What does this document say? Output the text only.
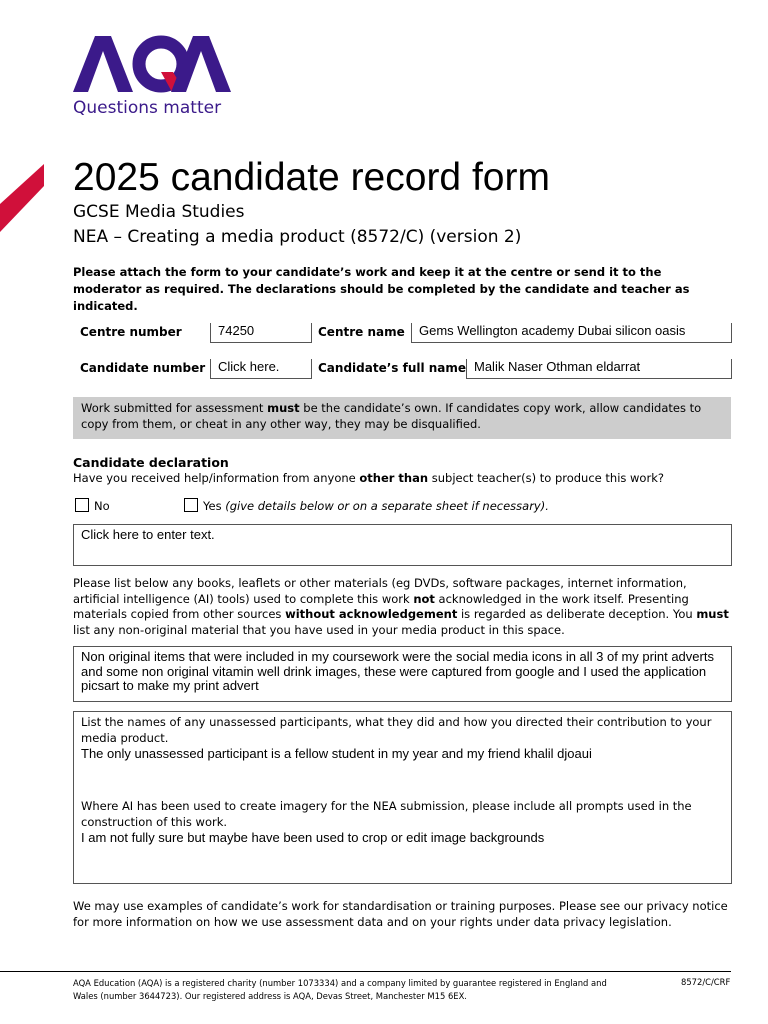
Questions matter
2025 candidate record form
GCSE Media Studies
NEA – Creating a media product (8572/C) (version 2)
Please attach the form to your candidate’s work and keep it at the centre or send it to the moderator as required. The declarations should be completed by the candidate and teacher as indicated.
Centre number	74250	Centre name	Gems Wellington academy Dubai silicon oasis
Candidate number Click here.	Candidate’s full name Malik Naser Othman eldarrat
Work submitted for assessment must be the candidate’s own. If candidates copy work, allow candidates to copy from them, or cheat in any other way, they may be disqualified.
Candidate declaration
Have you received help/information from anyone other than subject teacher(s) to produce this work?
No	Yes (give details below or on a separate sheet if necessary).
Click here to enter text.
Please list below any books, leaflets or other materials (eg DVDs, software packages, internet information, artificial intelligence (AI) tools) used to complete this work not acknowledged in the work itself. Presenting materials copied from other sources without acknowledgement is regarded as deliberate deception. You must list any non-original material that you have used in your media product in this space.
Non original items that were included in my coursework were the social media icons in all 3 of my print adverts and some non original vitamin well drink images, these were captured from google and I used the application picsart to make my print advert
List the names of any unassessed participants, what they did and how you directed their contribution to your media product.
The only unassessed participant is a fellow student in my year and my friend khalil djoaui
Where AI has been used to create imagery for the NEA submission, please include all prompts used in the construction of this work.
I am not fully sure but maybe have been used to crop or edit image backgrounds
We may use examples of candidate’s work for standardisation or training purposes. Please see our privacy notice for more information on how we use assessment data and on your rights under data privacy legislation.
AQA Education (AQA) is a registered charity (number 1073334) and a company limited by guarantee registered in England and Wales (number 3644723). Our registered address is AQA, Devas Street, Manchester M15 6EX.
8572/C/CRF
